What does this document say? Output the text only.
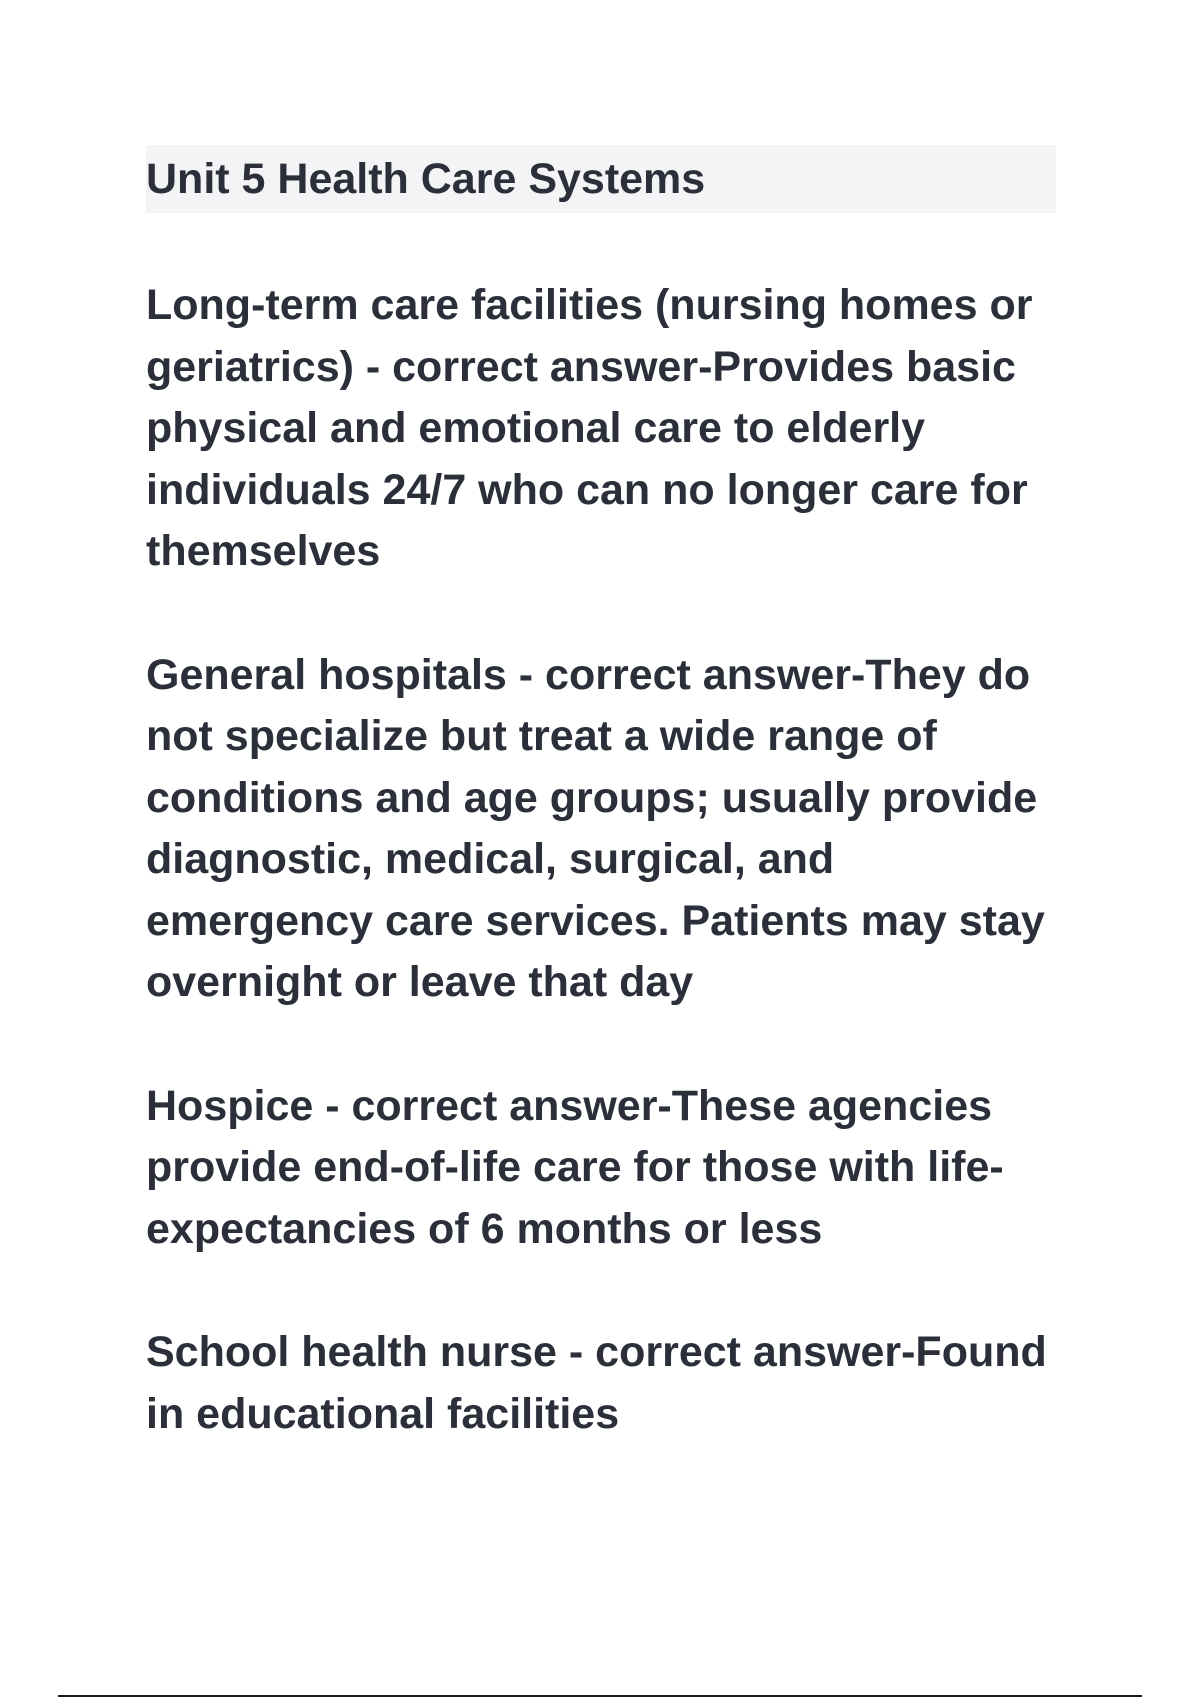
Unit 5 Health Care Systems

Long-term care facilities (nursing homes or geriatrics) - correct answer-Provides basic physical and emotional care to elderly individuals 24/7 who can no longer care for themselves

General hospitals - correct answer-They do not specialize but treat a wide range of conditions and age groups; usually provide diagnostic, medical, surgical, and emergency care services. Patients may stay overnight or leave that day

Hospice - correct answer-These agencies provide end-of-life care for those with life-expectancies of 6 months or less

School health nurse - correct answer-Found in educational facilities
